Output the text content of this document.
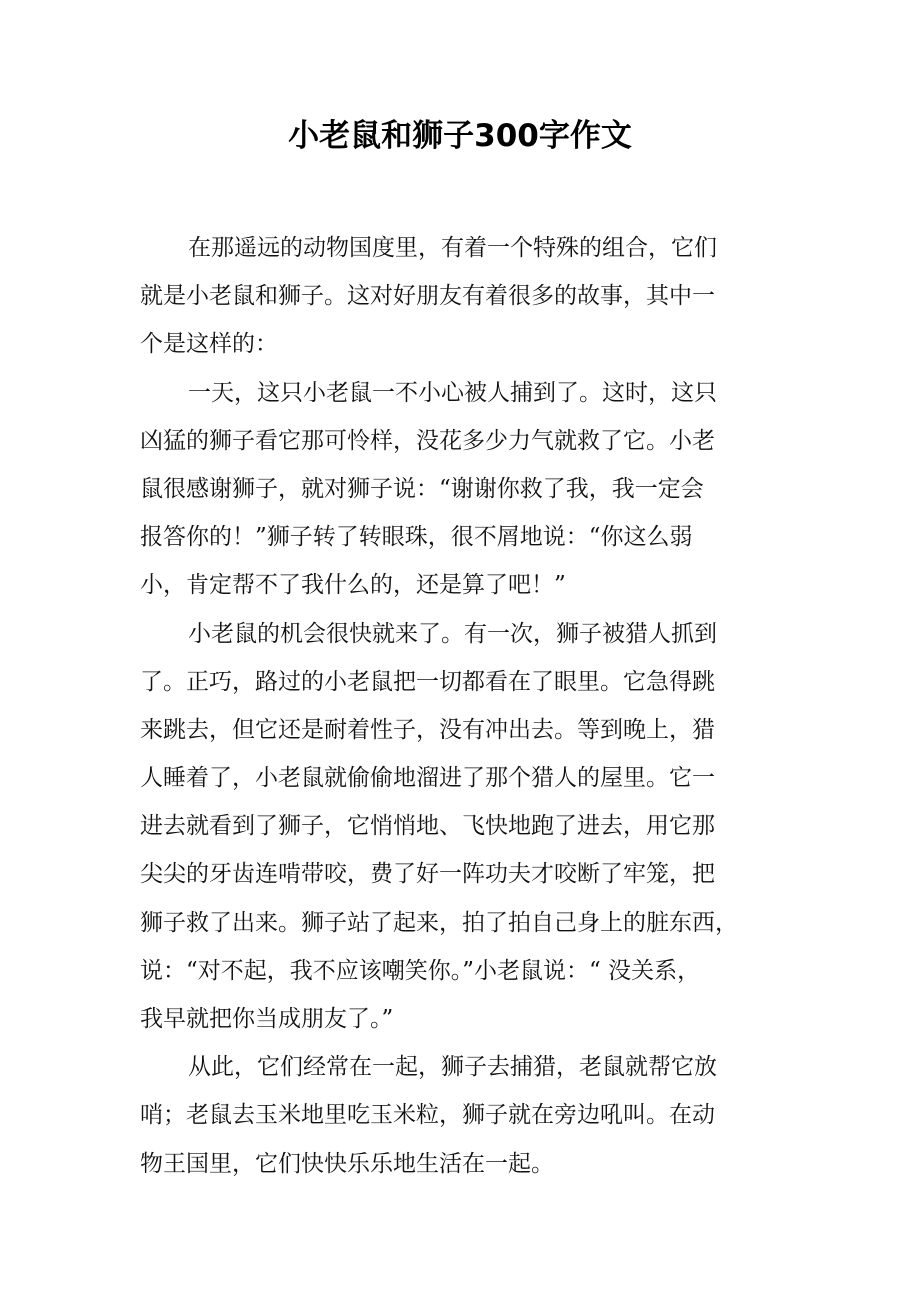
小老鼠和狮子300字作文
在那遥远的动物国度里，有着一个特殊的组合，它们
就是小老鼠和狮子。这对好朋友有着很多的故事，其中一
个是这样的：
一天，这只小老鼠一不小心被人捕到了。这时，这只
凶猛的狮子看它那可怜样，没花多少力气就救了它。小老
鼠很感谢狮子，就对狮子说：“谢谢你救了我，我一定会
报答你的！”狮子转了转眼珠，很不屑地说：“你这么弱
小，肯定帮不了我什么的，还是算了吧！”
小老鼠的机会很快就来了。有一次，狮子被猎人抓到
了。正巧，路过的小老鼠把一切都看在了眼里。它急得跳
来跳去，但它还是耐着性子，没有冲出去。等到晚上，猎
人睡着了，小老鼠就偷偷地溜进了那个猎人的屋里。它一
进去就看到了狮子，它悄悄地、飞快地跑了进去，用它那
尖尖的牙齿连啃带咬，费了好一阵功夫才咬断了牢笼，把
狮子救了出来。狮子站了起来，拍了拍自己身上的脏东西，
说：“对不起，我不应该嘲笑你。”小老鼠说：“ 没关系，
我早就把你当成朋友了。”
从此，它们经常在一起，狮子去捕猎，老鼠就帮它放
哨；老鼠去玉米地里吃玉米粒，狮子就在旁边吼叫。在动
物王国里，它们快快乐乐地生活在一起。
